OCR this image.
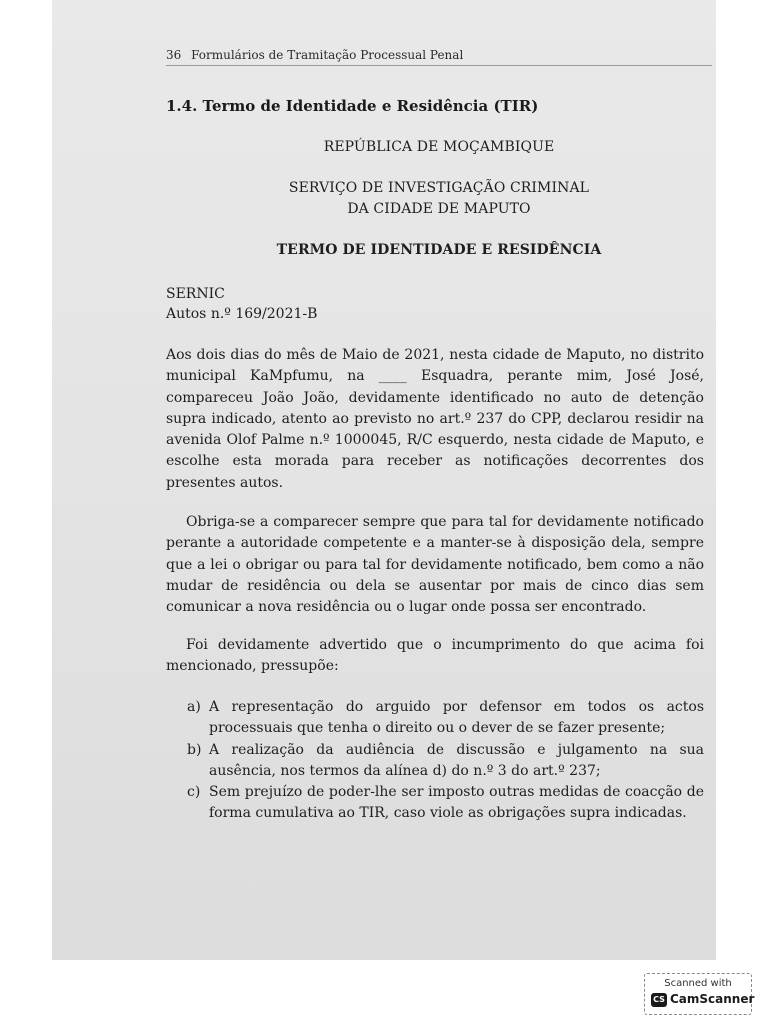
36 Formulários de Tramitação Processual Penal
1.4. Termo de Identidade e Residência (TIR)
REPÚBLICA DE MOÇAMBIQUE
SERVIÇO DE INVESTIGAÇÃO CRIMINAL
DA CIDADE DE MAPUTO
TERMO DE IDENTIDADE E RESIDÊNCIA
SERNIC
Autos n.º 169/2021-B
Aos dois dias do mês de Maio de 2021, nesta cidade de Maputo, no distrito municipal KaMpfumu, na ____ Esquadra, perante mim, José José, compareceu João João, devidamente identificado no auto de detenção supra indicado, atento ao previsto no art.º 237 do CPP, declarou residir na avenida Olof Palme n.º 1000045, R/C esquerdo, nesta cidade de Maputo, e escolhe esta morada para receber as notificações decorrentes dos presentes autos.
Obriga-se a comparecer sempre que para tal for devidamente notificado perante a autoridade competente e a manter-se à disposição dela, sempre que a lei o obrigar ou para tal for devidamente notificado, bem como a não mudar de residência ou dela se ausentar por mais de cinco dias sem comunicar a nova residência ou o lugar onde possa ser encontrado.
Foi devidamente advertido que o incumprimento do que acima foi mencionado, pressupõe:
a) A representação do arguido por defensor em todos os actos processuais que tenha o direito ou o dever de se fazer presente;
b) A realização da audiência de discussão e julgamento na sua ausência, nos termos da alínea d) do n.º 3 do art.º 237;
c) Sem prejuízo de poder-lhe ser imposto outras medidas de coacção de forma cumulativa ao TIR, caso viole as obrigações supra indicadas.
Scanned with
CS CamScanner
